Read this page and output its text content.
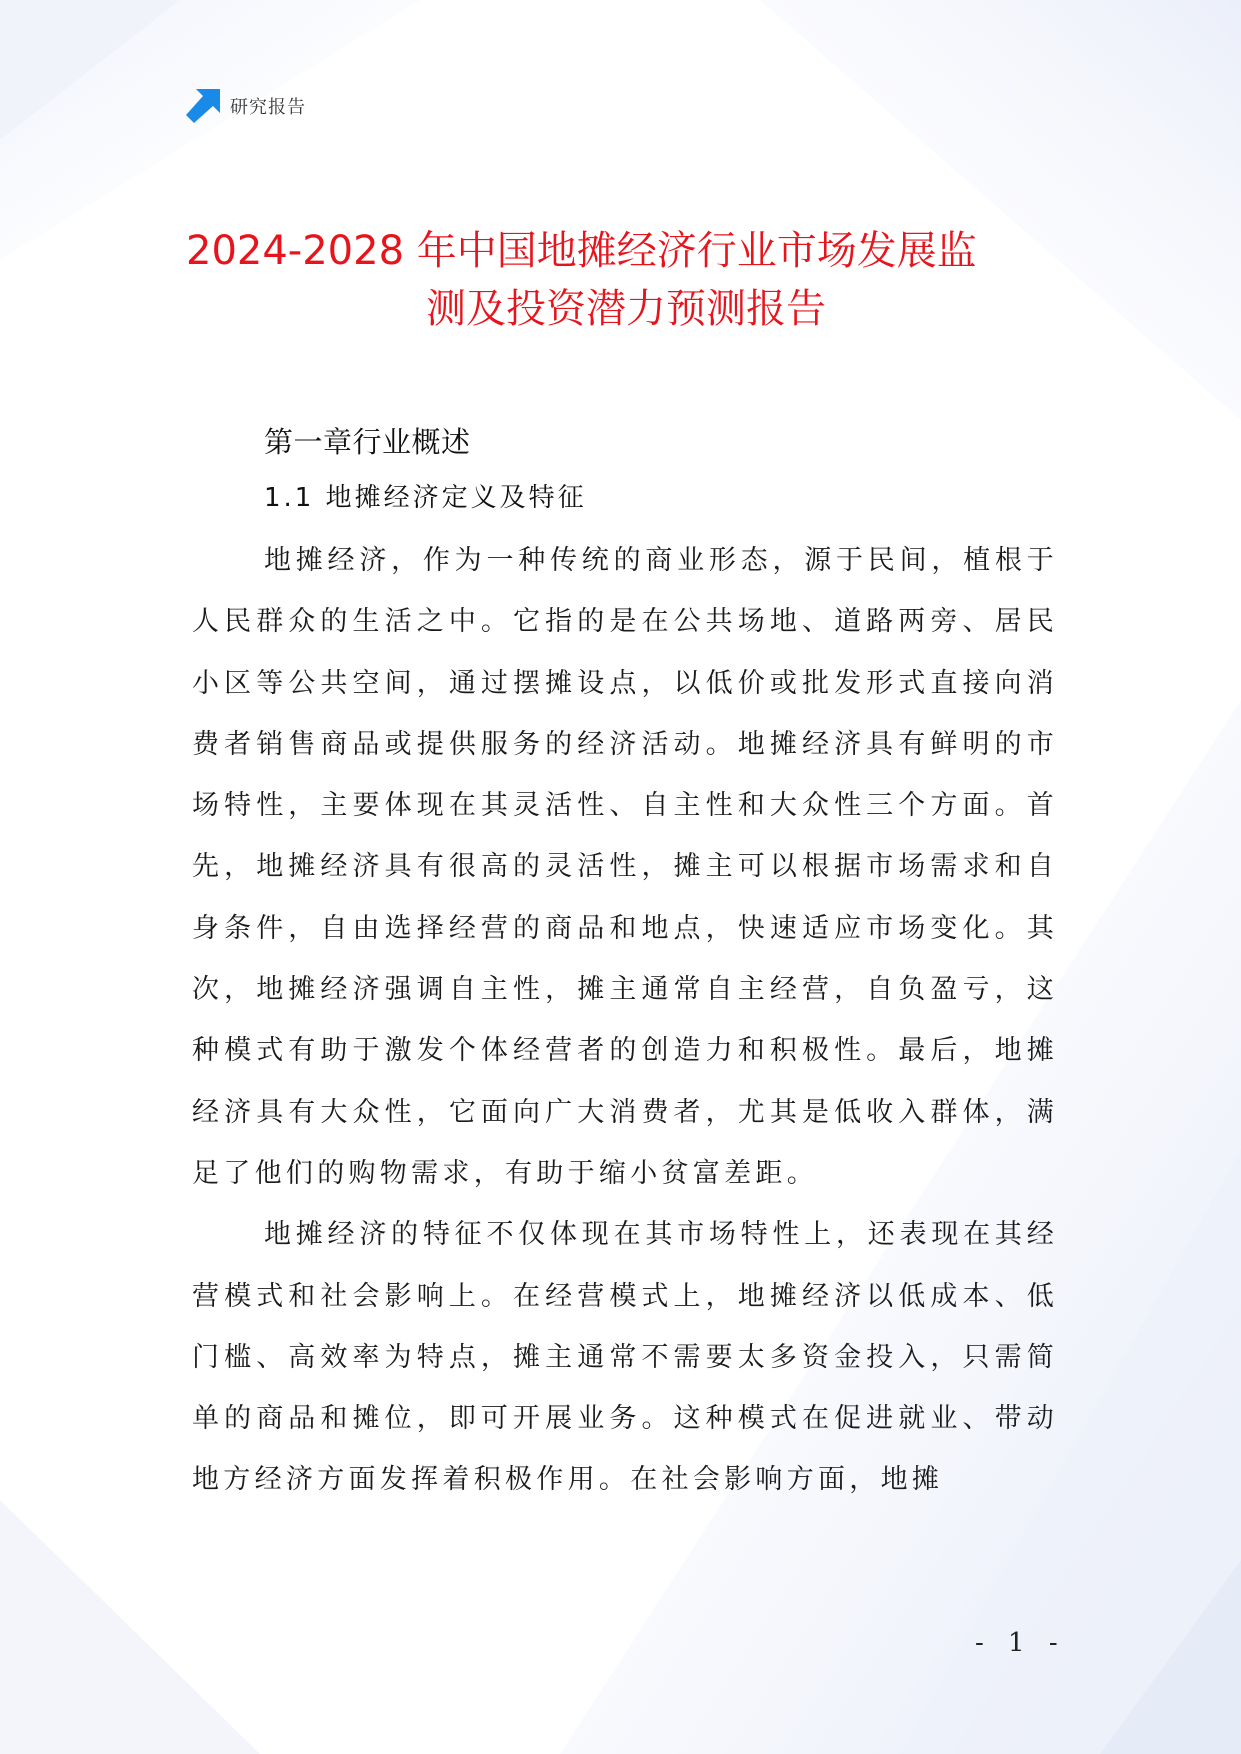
研究报告
2024-2028 年中国地摊经济行业市场发展监
测及投资潜力预测报告
第一章行业概述
1.1 地摊经济定义及特征

地摊经济，作为一种传统的商业形态，源于民间，植根于人民群众的生活之中。它指的是在公共场地、道路两旁、居民小区等公共空间，通过摆摊设点，以低价或批发形式直接向消费者销售商品或提供服务的经济活动。地摊经济具有鲜明的市场特性，主要体现在其灵活性、自主性和大众性三个方面。首先，地摊经济具有很高的灵活性，摊主可以根据市场需求和自身条件，自由选择经营的商品和地点，快速适应市场变化。其次，地摊经济强调自主性，摊主通常自主经营，自负盈亏，这种模式有助于激发个体经营者的创造力和积极性。最后，地摊经济具有大众性，它面向广大消费者，尤其是低收入群体，满足了他们的购物需求，有助于缩小贫富差距。

地摊经济的特征不仅体现在其市场特性上，还表现在其经营模式和社会影响上。在经营模式上，地摊经济以低成本、低门槛、高效率为特点，摊主通常不需要太多资金投入，只需简单的商品和摊位，即可开展业务。这种模式在促进就业、带动地方经济方面发挥着积极作用。在社会影响方面，地摊

- 1 -
